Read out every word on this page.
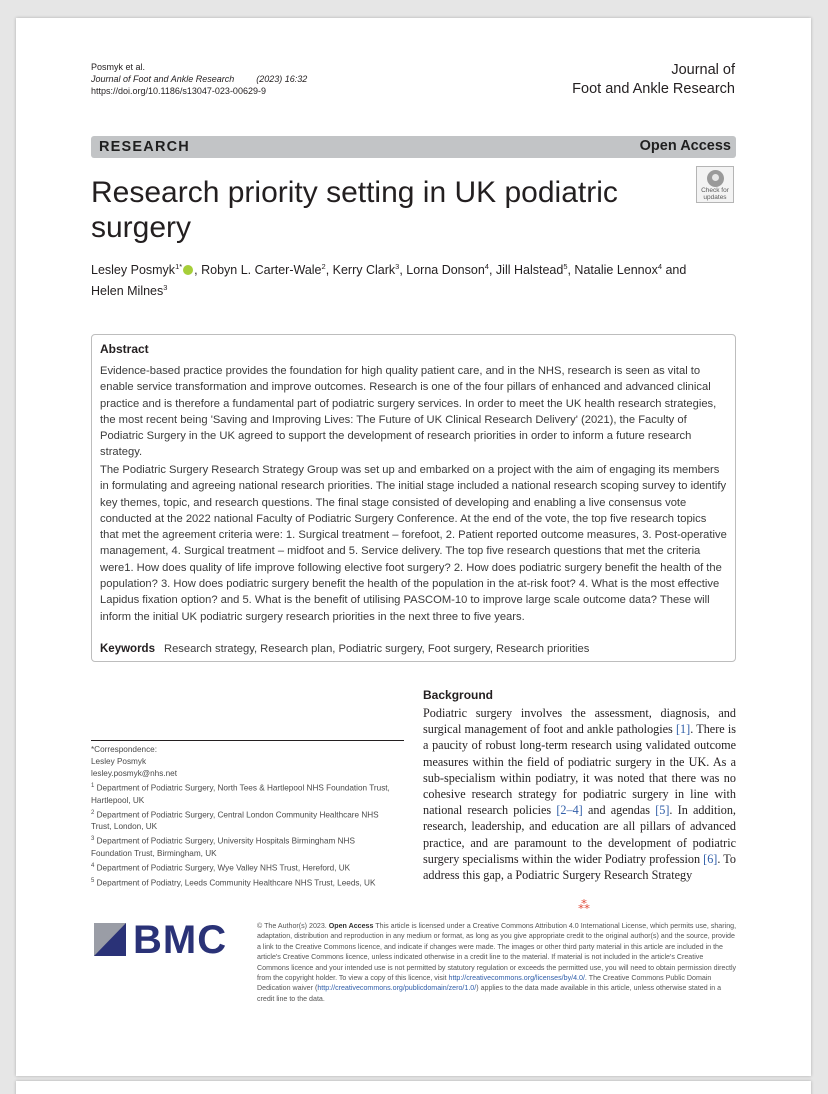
Posmyk et al.
Journal of Foot and Ankle Research (2023) 16:32
https://doi.org/10.1186/s13047-023-00629-9
Journal of
Foot and Ankle Research
RESEARCH	Open Access
Research priority setting in UK podiatric surgery
Check for
updates
Lesley Posmyk$^{1*}$ , Robyn L. Carter-Wale$^2$, Kerry Clark$^3$, Lorna Donson$^4$, Jill Halstead$^5$, Natalie Lennox$^4$ and
Helen Milnes$^3$
Abstract

Evidence-based practice provides the foundation for high quality patient care, and in the NHS, research is seen as vital to enable service transformation and improve outcomes. Research is one of the four pillars of enhanced and advanced clinical practice and is therefore a fundamental part of podiatric surgery services. In order to meet the UK health research strategies, the most recent being 'Saving and Improving Lives: The Future of UK Clinical Research Delivery' (2021), the Faculty of Podiatric Surgery in the UK agreed to support the development of research priorities in order to inform a future research strategy.

The Podiatric Surgery Research Strategy Group was set up and embarked on a project with the aim of engaging its members in formulating and agreeing national research priorities. The initial stage included a national research scoping survey to identify key themes, topic, and research questions. The final stage consisted of developing and enabling a live consensus vote conducted at the 2022 national Faculty of Podiatric Surgery Conference. At the end of the vote, the top five research topics that met the agreement criteria were: 1. Surgical treatment – forefoot, 2. Patient reported outcome measures, 3. Post-operative management, 4. Surgical treatment – midfoot and 5. Service delivery. The top five research questions that met the criteria were1. How does quality of life improve following elective foot surgery? 2. How does podiatric surgery benefit the health of the population? 3. How does podiatric surgery benefit the health of the population in the at-risk foot? 4. What is the most effective Lapidus fixation option? and 5. What is the benefit of utilising PASCOM-10 to improve large scale outcome data? These will inform the initial UK podiatric surgery research priorities in the next three to five years.

Keywords Research strategy, Research plan, Podiatric surgery, Foot surgery, Research priorities
*Correspondence:
Lesley Posmyk
lesley.posmyk@nhs.net
$^1$ Department of Podiatric Surgery, North Tees & Hartlepool NHS Foundation Trust, Hartlepool, UK
$^2$ Department of Podiatric Surgery, Central London Community Healthcare NHS Trust, London, UK
$^3$ Department of Podiatric Surgery, University Hospitals Birmingham NHS Foundation Trust, Birmingham, UK
$^4$ Department of Podiatric Surgery, Wye Valley NHS Trust, Hereford, UK
$^5$ Department of Podiatry, Leeds Community Healthcare NHS Trust, Leeds, UK
Background

Podiatric surgery involves the assessment, diagnosis, and surgical management of foot and ankle pathologies [1]. There is a paucity of robust long-term research using validated outcome measures within the field of podiatric surgery in the UK. As a sub-specialism within podiatry, it was noted that there was no cohesive research strategy for podiatric surgery in line with national research policies [2–4] and agendas [5]. In addition, research, leadership, and education are all pillars of advanced practice, and are paramount to the development of podiatric surgery specialisms within the wider Podiatry profession [6]. To address this gap, a Podiatric Surgery Research Strategy

⁂
BMC	© The Author(s) 2023. Open Access This article is licensed under a Creative Commons Attribution 4.0 International License, which permits use, sharing, adaptation, distribution and reproduction in any medium or format, as long as you give appropriate credit to the original author(s) and the source, provide a link to the Creative Commons licence, and indicate if changes were made. The images or other third party material in this article are included in the article's Creative Commons licence, unless indicated otherwise in a credit line to the material. If material is not included in the article's Creative Commons licence and your intended use is not permitted by statutory regulation or exceeds the permitted use, you will need to obtain permission directly from the copyright holder. To view a copy of this licence, visit http://creativecommons.org/licenses/by/4.0/. The Creative Commons Public Domain Dedication waiver (http://creativecommons.org/publicdomain/zero/1.0/) applies to the data made available in this article, unless otherwise stated in a credit line to the data.
